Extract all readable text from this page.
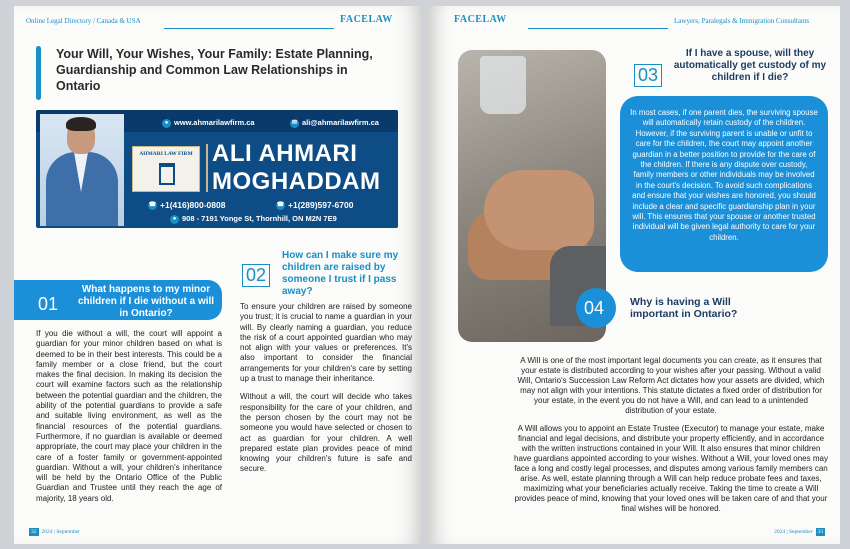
Online Legal Directory / Canada & USA	FACELAW
Your Will, Your Wishes, Your Family: Estate Planning, Guardianship and Common Law Relationships in Ontario
● www.ahmarilawfirm.ca	✉ ali@ahmarilawfirm.ca
AHMARI LAW FIRM ALI AHMARI
MOGHADDAM
☎ +1(416)800-0808	☎ +1(289)597-6700
● 908 - 7191 Yonge St, Thornhill, ON M2N 7E9
01
What happens to my minor children if I die without a will in Ontario?
If you die without a will, the court will appoint a guardian for your minor children based on what is deemed to be in their best interests. This could be a family member or a close friend, but the court makes the final decision. In making its decision the court will examine factors such as the relationship between the potential guardian and the children, the ability of the potential guardians to provide a safe and suitable living environment, as well as the financial resources of the potential guardians. Furthermore, if no guardian is available or deemed appropriate, the court may place your children in the care of a foster family or government-appointed guardian. Without a will, your children's inheritance will be held by the Ontario Office of the Public Guardian and Trustee until they reach the age of majority, 18 years old.
02
How can I make sure my children are raised by someone I trust if I pass away?

To ensure your children are raised by someone you trust; it is crucial to name a guardian in your will. By clearly naming a guardian, you reduce the risk of a court appointed guardian who may not align with your values or preferences. It's also important to consider the financial arrangements for your children's care by setting up a trust to manage their inheritance.

Without a will, the court will decide who takes responsibility for the care of your children, and the person chosen by the court may not be someone you would have selected or chosen to act as guardian for your children. A well prepared estate plan provides peace of mind knowing your children's future is safe and secure.

32 2024 | September
FACELAW	Lawyers, Paralegals & Immigration Consultants
03
If I have a spouse, will they automatically get custody of my children if I die?
In most cases, if one parent dies, the surviving spouse will automatically retain custody of the children. However, if the surviving parent is unable or unfit to care for the children, the court may appoint another guardian in a better position to provide for the care of the children. If there is any dispute over custody, family members or other individuals may be involved in the court's decision. To avoid such complications and ensure that your wishes are honored, you should include a clear and specific guardianship plan in your will. This ensures that your spouse or another trusted individual will be given legal authority to care for your children.
04 Why is having a Will important in Ontario?

A Will is one of the most important legal documents you can create, as it ensures that your estate is distributed according to your wishes after your passing. Without a valid Will, Ontario's Succession Law Reform Act dictates how your assets are divided, which may not align with your intentions. This statute dictates a fixed order of distribution for your estate, in the event you do not have a Will, and can lead to a unintended distribution of your estate.

A Will allows you to appoint an Estate Trustee (Executor) to manage your estate, make financial and legal decisions, and distribute your property efficiently, and in accordance with the written instructions contained in your Will. It also ensures that minor children have guardians appointed according to your wishes. Without a Will, your loved ones may face a long and costly legal processes, and disputes among various family members can arise. As well, estate planning through a Will can help reduce probate fees and taxes, maximizing what your beneficiaries actually receive. Taking the time to create a Will provides peace of mind, knowing that your loved ones will be taken care of and that your final wishes will be honored.

2024 | September 33
